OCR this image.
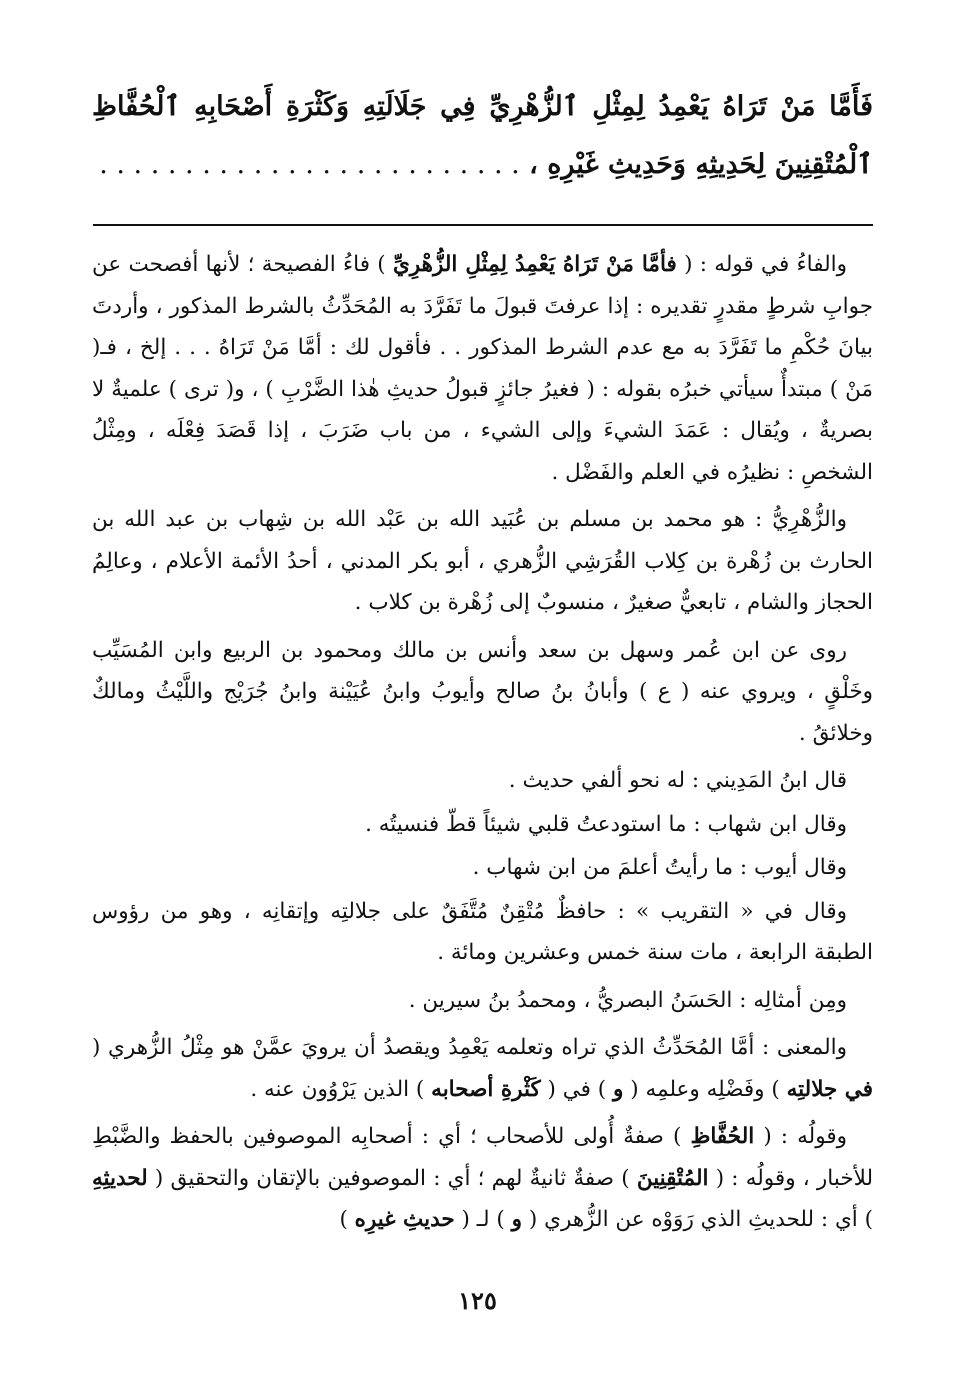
فَأَمَّا مَنْ تَرَاهُ يَعْمِدُ لِمِثْلِ ٱلزُّهْرِيِّ فِي جَلَالَتِهِ وَكَثْرَةِ أَصْحَابِهِ ٱلْحُفَّاظِ ٱلْمُتْقِنِينَ لِحَدِيثِهِ وَحَدِيثِ غَيْرِهِ ، . . . . . . . . . . . . . . . . . . . . . . . . .

والفاءُ في قوله : ( فأمَّا مَنْ تَرَاهُ يَعْمِدُ لِمِثْلِ الزُّهْرِيِّ ) فاءُ الفصيحة ؛ لأنها أفصحت عن جوابِ شرطٍ مقدرٍ تقديره : إذا عرفتَ قبولَ ما تَفَرَّدَ به المُحَدِّثُ بالشرط المذكور ، وأردتَ بيانَ حُكْمِ ما تَفَرَّدَ به مع عدم الشرط المذكور . . فأقول لك : أمَّا مَنْ تَرَاهُ . . . إلخ ، فـ( مَنْ ) مبتدأٌ سيأتي خبرُه بقوله : ( فغيرُ جائزٍ قبولُ حديثِ هٰذا الضَّرْبِ ) ، و( ترى ) علميةٌ لا بصريةٌ ، ويُقال : عَمَدَ الشيءَ وإلى الشيء ، من باب ضَرَبَ ، إذا قَصَدَ فِعْلَه ، ومِثْلُ الشخصِ : نظيرُه في العلم والفَضْل .

والزُّهْرِيُّ : هو محمد بن مسلم بن عُبَيد الله بن عَبْد الله بن شِهاب بن عبد الله بن الحارث بن زُهْرة بن كِلاب القُرَشِي الزُّهري ، أبو بكر المدني ، أحدُ الأئمة الأعلام ، وعالِمُ الحجاز والشام ، تابعيٌّ صغيرٌ ، منسوبٌ إلى زُهْرة بن كلاب .

روى عن ابن عُمر وسهل بن سعد وأنس بن مالك ومحمود بن الربيع وابن المُسَيِّب وخَلْقٍ ، ويروي عنه ( ع ) وأبانُ بنُ صالح وأيوبُ وابنُ عُيَيْنة وابنُ جُرَيْج واللَّيْثُ ومالكٌ وخلائقُ .

قال ابنُ المَدِيني : له نحو ألفي حديث .

وقال ابن شهاب : ما استودعتُ قلبي شيئاً قطّ فنسيتُه .

وقال أيوب : ما رأيتُ أعلمَ من ابن شهاب .

وقال في « التقريب » : حافظٌ مُتْقِنٌ مُتَّفَقٌ على جلالتِه وإتقانِه ، وهو من رؤوس الطبقة الرابعة ، مات سنة خمس وعشرين ومائة .

ومِن أمثالِه : الحَسَنُ البصريُّ ، ومحمدُ بنُ سيرين .

والمعنى : أمَّا المُحَدِّثُ الذي تراه وتعلمه يَعْمِدُ ويقصدُ أن يرويَ عمَّنْ هو مِثْلُ الزُّهري ( في جلالتِه ) وفَضْلِه وعلمِه ( و ) في ( كَثْرةِ أصحابه ) الذين يَرْوُون عنه .

وقولُه : ( الحُفَّاظِ ) صفةٌ أُولى للأصحاب ؛ أي : أصحابِه الموصوفين بالحفظ والضَّبْطِ للأخبار ، وقولُه : ( المُتْقِنِينَ ) صفةٌ ثانيةٌ لهم ؛ أي : الموصوفين بالإتقان والتحقيق ( لحديثِهِ ) أي : للحديثِ الذي رَوَوْه عن الزُّهري ( و ) لـ ( حديثِ غيرِه )

١٢٥
